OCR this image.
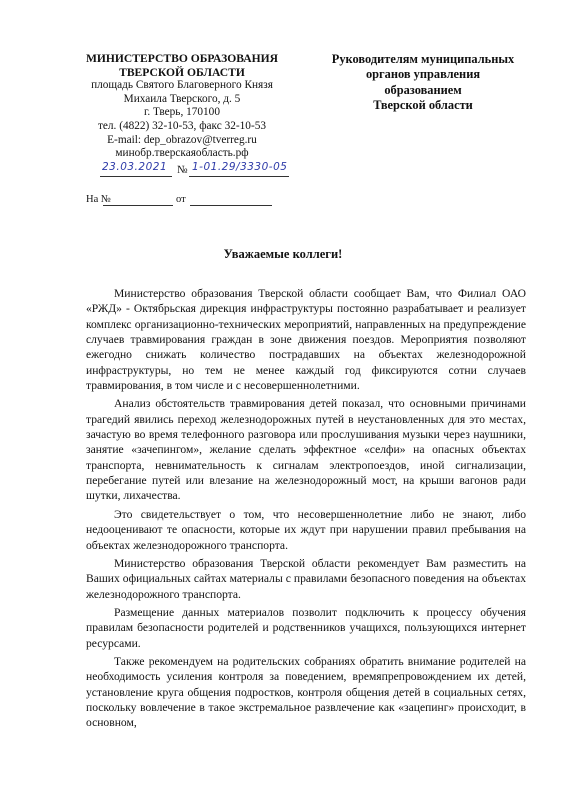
МИНИСТЕРСТВО ОБРАЗОВАНИЯ
ТВЕРСКОЙ ОБЛАСТИ
площадь Святого Благоверного Князя
Михаила Тверского, д. 5
г. Тверь, 170100
тел. (4822) 32-10-53, факс 32-10-53
E-mail: dep_obrazov@tverreg.ru
минобр.тверскаяобласть.рф
23.03.2021 № 1-01.29/3330-05
На №	от
Руководителям муниципальных
органов управления
образованием
Тверской области
Уважаемые коллеги!

Министерство образования Тверской области сообщает Вам, что Филиал ОАО «РЖД» - Октябрьская дирекция инфраструктуры постоянно разрабатывает и реализует комплекс организационно-технических мероприятий, направленных на предупреждение случаев травмирования граждан в зоне движения поездов. Мероприятия позволяют ежегодно снижать количество пострадавших на объектах железнодорожной инфраструктуры, но тем не менее каждый год фиксируются сотни случаев травмирования, в том числе и с несовершеннолетними.

Анализ обстоятельств травмирования детей показал, что основными причинами трагедий явились переход железнодорожных путей в неустановленных для это местах, зачастую во время телефонного разговора или прослушивания музыки через наушники, занятие «зачепингом», желание сделать эффектное «селфи» на опасных объектах транспорта, невнимательность к сигналам электропоездов, иной сигнализации, перебегание путей или влезание на железнодорожный мост, на крыши вагонов ради шутки, лихачества.

Это свидетельствует о том, что несовершеннолетние либо не знают, либо недооценивают те опасности, которые их ждут при нарушении правил пребывания на объектах железнодорожного транспорта.

Министерство образования Тверской области рекомендует Вам разместить на Ваших официальных сайтах материалы с правилами безопасного поведения на объектах железнодорожного транспорта.

Размещение данных материалов позволит подключить к процессу обучения правилам безопасности родителей и родственников учащихся, пользующихся интернет ресурсами.

Также рекомендуем на родительских собраниях обратить внимание родителей на необходимость усиления контроля за поведением, времяпрепровождением их детей, установление круга общения подростков, контроля общения детей в социальных сетях, поскольку вовлечение в такое экстремальное развлечение как «зацепинг» происходит, в основном,
